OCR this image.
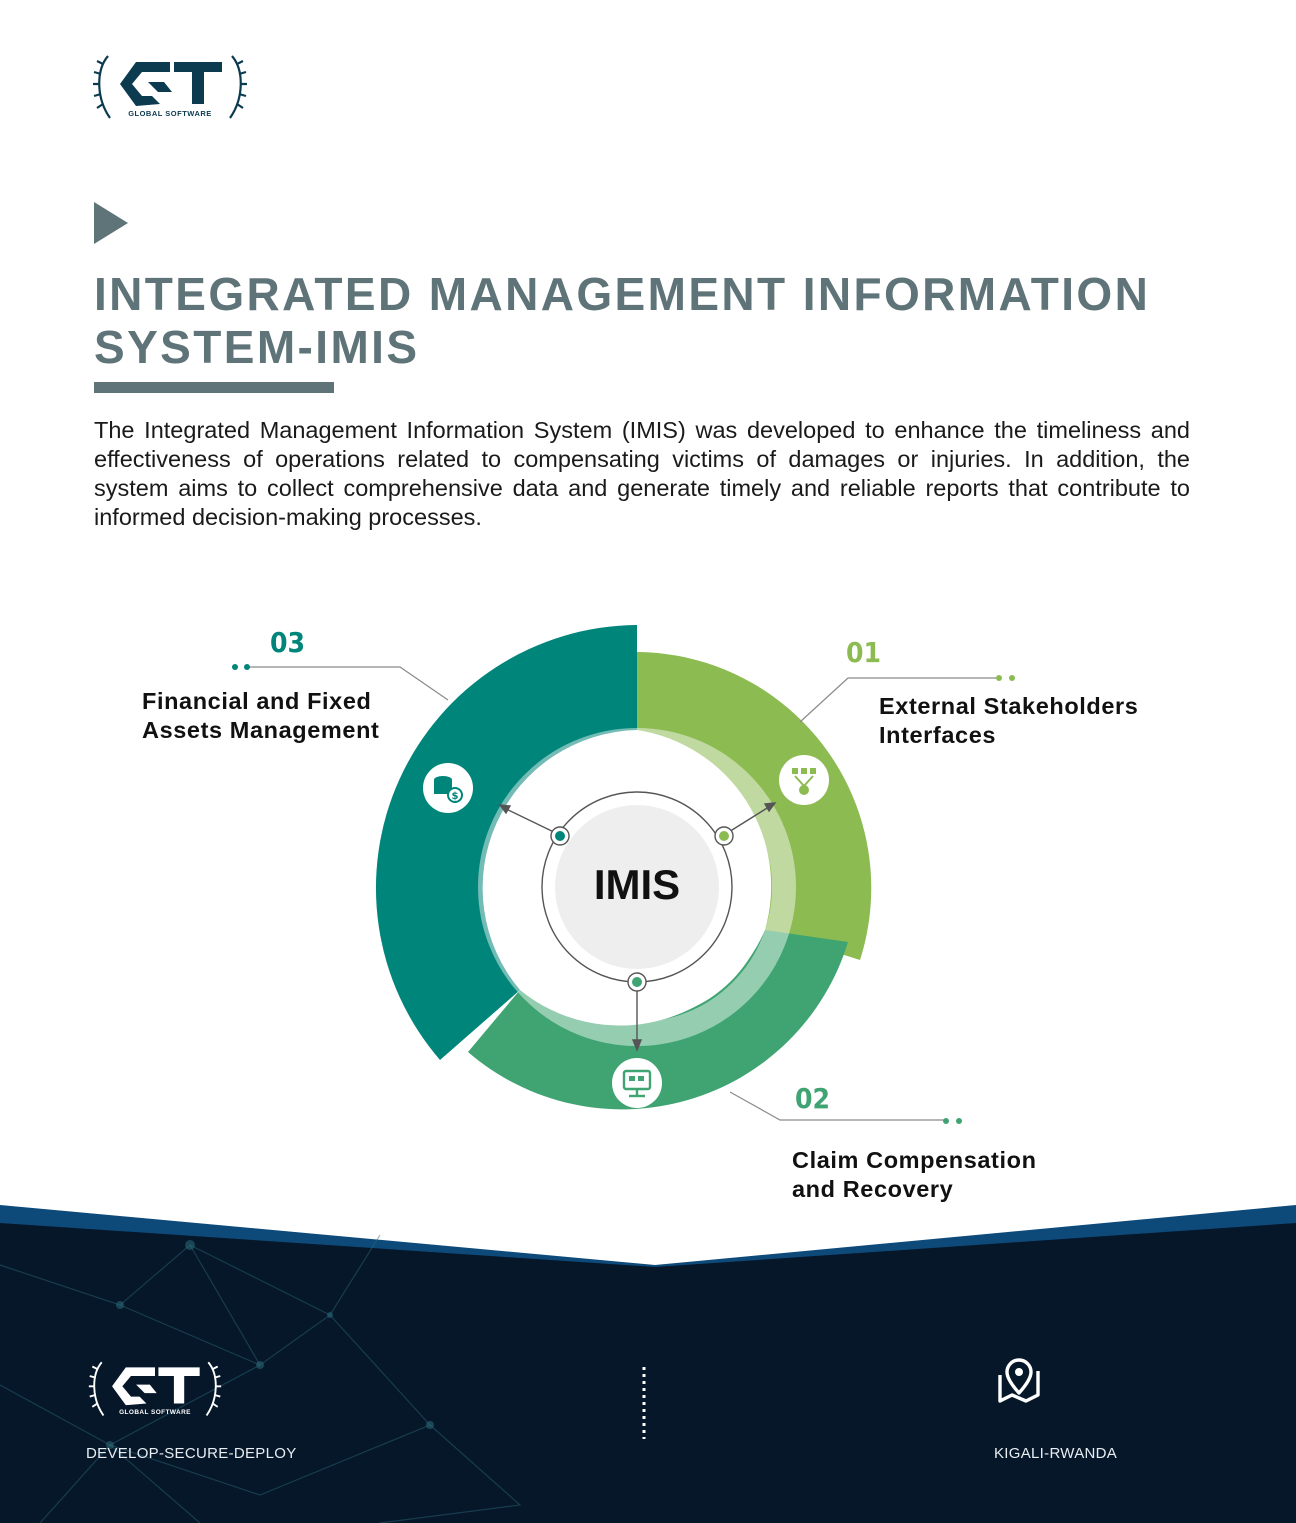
GLOBAL SOFTWARE
INTEGRATED MANAGEMENT INFORMATION SYSTEM-IMIS

The Integrated Management Information System (IMIS) was developed to enhance the timeliness and effectiveness of operations related to compensating victims of damages or injuries. In addition, the system aims to collect comprehensive data and generate timely and reliable reports that contribute to informed decision-making processes.

$
03	01
02
Financial and Fixed
Assets Management
External Stakeholders
Interfaces
Claim Compensation
and Recovery
IMIS
GLOBAL SOFTWARE
DEVELOP-SECURE-DEPLOY	KIGALI-RWANDA
